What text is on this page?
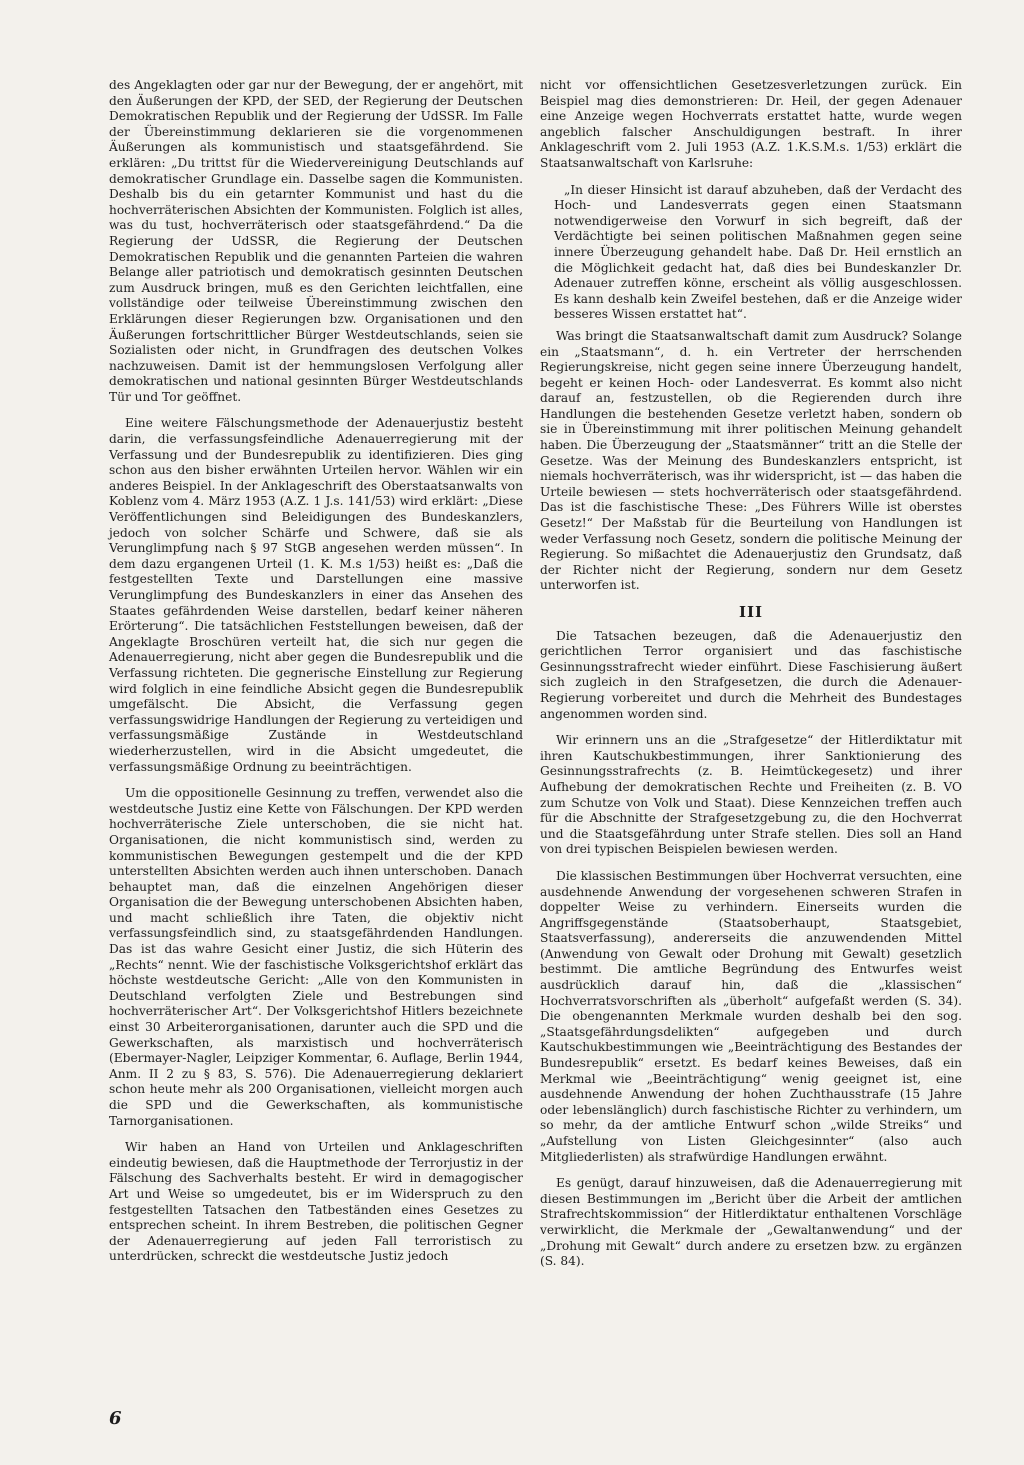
des Angeklagten oder gar nur der Bewegung, der er angehört, mit den Äußerungen der KPD, der SED, der Regierung der Deutschen Demokratischen Republik und der Regierung der UdSSR. Im Falle der Übereinstimmung deklarieren sie die vorgenommenen Äußerungen als kommunistisch und staatsgefährdend. Sie erklären: „Du trittst für die Wiedervereinigung Deutschlands auf demokratischer Grundlage ein. Dasselbe sagen die Kommunisten. Deshalb bis du ein getarnter Kommunist und hast du die hochverräterischen Absichten der Kommunisten. Folglich ist alles, was du tust, hochverräterisch oder staatsgefährdend.“ Da die Regierung der UdSSR, die Regierung der Deutschen Demokratischen Republik und die genannten Parteien die wahren Belange aller patriotisch und demokratisch gesinnten Deutschen zum Ausdruck bringen, muß es den Gerichten leichtfallen, eine vollständige oder teilweise Übereinstimmung zwischen den Erklärungen dieser Regierungen bzw. Organisationen und den Äußerungen fortschrittlicher Bürger Westdeutschlands, seien sie Sozialisten oder nicht, in Grundfragen des deutschen Volkes nachzuweisen. Damit ist der hemmungslosen Verfolgung aller demokratischen und national gesinnten Bürger Westdeutschlands Tür und Tor geöffnet.

Eine weitere Fälschungsmethode der Adenauerjustiz besteht darin, die verfassungsfeindliche Adenauerregierung mit der Verfassung und der Bundesrepublik zu identifizieren. Dies ging schon aus den bisher erwähnten Urteilen hervor. Wählen wir ein anderes Beispiel. In der Anklageschrift des Oberstaatsanwalts von Koblenz vom 4. März 1953 (A.Z. 1 J.s. 141/53) wird erklärt: „Diese Veröffentlichungen sind Beleidigungen des Bundeskanzlers, jedoch von solcher Schärfe und Schwere, daß sie als Verunglimpfung nach § 97 StGB angesehen werden müssen“. In dem dazu ergangenen Urteil (1. K. M.s 1/53) heißt es: „Daß die festgestellten Texte und Darstellungen eine massive Verunglimpfung des Bundeskanzlers in einer das Ansehen des Staates gefährdenden Weise darstellen, bedarf keiner näheren Erörterung“. Die tatsächlichen Feststellungen beweisen, daß der Angeklagte Broschüren verteilt hat, die sich nur gegen die Adenauerregierung, nicht aber gegen die Bundesrepublik und die Verfassung richteten. Die gegnerische Einstellung zur Regierung wird folglich in eine feindliche Absicht gegen die Bundesrepublik umgefälscht. Die Absicht, die Verfassung gegen verfassungswidrige Handlungen der Regierung zu verteidigen und verfassungsmäßige Zustände in Westdeutschland wiederherzustellen, wird in die Absicht umgedeutet, die verfassungsmäßige Ordnung zu beeinträchtigen.

Um die oppositionelle Gesinnung zu treffen, verwendet also die westdeutsche Justiz eine Kette von Fälschungen. Der KPD werden hochverräterische Ziele unterschoben, die sie nicht hat. Organisationen, die nicht kommunistisch sind, werden zu kommunistischen Bewegungen gestempelt und die der KPD unterstellten Absichten werden auch ihnen unterschoben. Danach behauptet man, daß die einzelnen Angehörigen dieser Organisation die der Bewegung unterschobenen Absichten haben, und macht schließlich ihre Taten, die objektiv nicht verfassungsfeindlich sind, zu staatsgefährdenden Handlungen. Das ist das wahre Gesicht einer Justiz, die sich Hüterin des „Rechts“ nennt. Wie der faschistische Volksgerichtshof erklärt das höchste westdeutsche Gericht: „Alle von den Kommunisten in Deutschland verfolgten Ziele und Bestrebungen sind hochverräterischer Art“. Der Volksgerichtshof Hitlers bezeichnete einst 30 Arbeiterorganisationen, darunter auch die SPD und die Gewerkschaften, als marxistisch und hochverräterisch (Ebermayer-Nagler, Leipziger Kommentar, 6. Auflage, Berlin 1944, Anm. II 2 zu § 83, S. 576). Die Adenauerregierung deklariert schon heute mehr als 200 Organisationen, vielleicht morgen auch die SPD und die Gewerkschaften, als kommunistische Tarnorganisationen.

Wir haben an Hand von Urteilen und Anklageschriften eindeutig bewiesen, daß die Hauptmethode der Terrorjustiz in der Fälschung des Sachverhalts besteht. Er wird in demagogischer Art und Weise so umgedeutet, bis er im Widerspruch zu den festgestellten Tatsachen den Tatbeständen eines Gesetzes zu entsprechen scheint. In ihrem Bestreben, die politischen Gegner der Adenauerregierung auf jeden Fall terroristisch zu unterdrücken, schreckt die westdeutsche Justiz jedoch

nicht vor offensichtlichen Gesetzesverletzungen zurück. Ein Beispiel mag dies demonstrieren: Dr. Heil, der gegen Adenauer eine Anzeige wegen Hochverrats erstattet hatte, wurde wegen angeblich falscher Anschuldigungen bestraft. In ihrer Anklageschrift vom 2. Juli 1953 (A.Z. 1.K.S.M.s. 1/53) erklärt die Staatsanwaltschaft von Karlsruhe:

„In dieser Hinsicht ist darauf abzuheben, daß der Verdacht des Hoch- und Landesverrats gegen einen Staatsmann notwendigerweise den Vorwurf in sich begreift, daß der Verdächtigte bei seinen politischen Maßnahmen gegen seine innere Überzeugung gehandelt habe. Daß Dr. Heil ernstlich an die Möglichkeit gedacht hat, daß dies bei Bundeskanzler Dr. Adenauer zutreffen könne, erscheint als völlig ausgeschlossen. Es kann deshalb kein Zweifel bestehen, daß er die Anzeige wider besseres Wissen erstattet hat“.

Was bringt die Staatsanwaltschaft damit zum Ausdruck? Solange ein „Staatsmann“, d. h. ein Vertreter der herrschenden Regierungskreise, nicht gegen seine innere Überzeugung handelt, begeht er keinen Hoch- oder Landesverrat. Es kommt also nicht darauf an, festzustellen, ob die Regierenden durch ihre Handlungen die bestehenden Gesetze verletzt haben, sondern ob sie in Übereinstimmung mit ihrer politischen Meinung gehandelt haben. Die Überzeugung der „Staatsmänner“ tritt an die Stelle der Gesetze. Was der Meinung des Bundeskanzlers entspricht, ist niemals hochverräterisch, was ihr widerspricht, ist — das haben die Urteile bewiesen — stets hochverräterisch oder staatsgefährdend. Das ist die faschistische These: „Des Führers Wille ist oberstes Gesetz!“ Der Maßstab für die Beurteilung von Handlungen ist weder Verfassung noch Gesetz, sondern die politische Meinung der Regierung. So mißachtet die Adenauerjustiz den Grundsatz, daß der Richter nicht der Regierung, sondern nur dem Gesetz unterworfen ist.

III

Die Tatsachen bezeugen, daß die Adenauerjustiz den gerichtlichen Terror organisiert und das faschistische Gesinnungsstrafrecht wieder einführt. Diese Faschisierung äußert sich zugleich in den Strafgesetzen, die durch die Adenauer-Regierung vorbereitet und durch die Mehrheit des Bundestages angenommen worden sind.

Wir erinnern uns an die „Strafgesetze“ der Hitlerdiktatur mit ihren Kautschukbestimmungen, ihrer Sanktionierung des Gesinnungsstrafrechts (z. B. Heimtückegesetz) und ihrer Aufhebung der demokratischen Rechte und Freiheiten (z. B. VO zum Schutze von Volk und Staat). Diese Kennzeichen treffen auch für die Abschnitte der Strafgesetzgebung zu, die den Hochverrat und die Staatsgefährdung unter Strafe stellen. Dies soll an Hand von drei typischen Beispielen bewiesen werden.

Die klassischen Bestimmungen über Hochverrat versuchten, eine ausdehnende Anwendung der vorgesehenen schweren Strafen in doppelter Weise zu verhindern. Einerseits wurden die Angriffsgegenstände (Staatsoberhaupt, Staatsgebiet, Staatsverfassung), andererseits die anzuwendenden Mittel (Anwendung von Gewalt oder Drohung mit Gewalt) gesetzlich bestimmt. Die amtliche Begründung des Entwurfes weist ausdrücklich darauf hin, daß die „klassischen“ Hochverratsvorschriften als „überholt“ aufgefaßt werden (S. 34). Die obengenannten Merkmale wurden deshalb bei den sog. „Staatsgefährdungsdelikten“ aufgegeben und durch Kautschukbestimmungen wie „Beeinträchtigung des Bestandes der Bundesrepublik“ ersetzt. Es bedarf keines Beweises, daß ein Merkmal wie „Beeinträchtigung“ wenig geeignet ist, eine ausdehnende Anwendung der hohen Zuchthausstrafe (15 Jahre oder lebenslänglich) durch faschistische Richter zu verhindern, um so mehr, da der amtliche Entwurf schon „wilde Streiks“ und „Aufstellung von Listen Gleichgesinnter“ (also auch Mitgliederlisten) als strafwürdige Handlungen erwähnt.

Es genügt, darauf hinzuweisen, daß die Adenauerregierung mit diesen Bestimmungen im „Bericht über die Arbeit der amtlichen Strafrechtskommission“ der Hitlerdiktatur enthaltenen Vorschläge verwirklicht, die Merkmale der „Gewaltanwendung“ und der „Drohung mit Gewalt“ durch andere zu ersetzen bzw. zu ergänzen (S. 84).

6
